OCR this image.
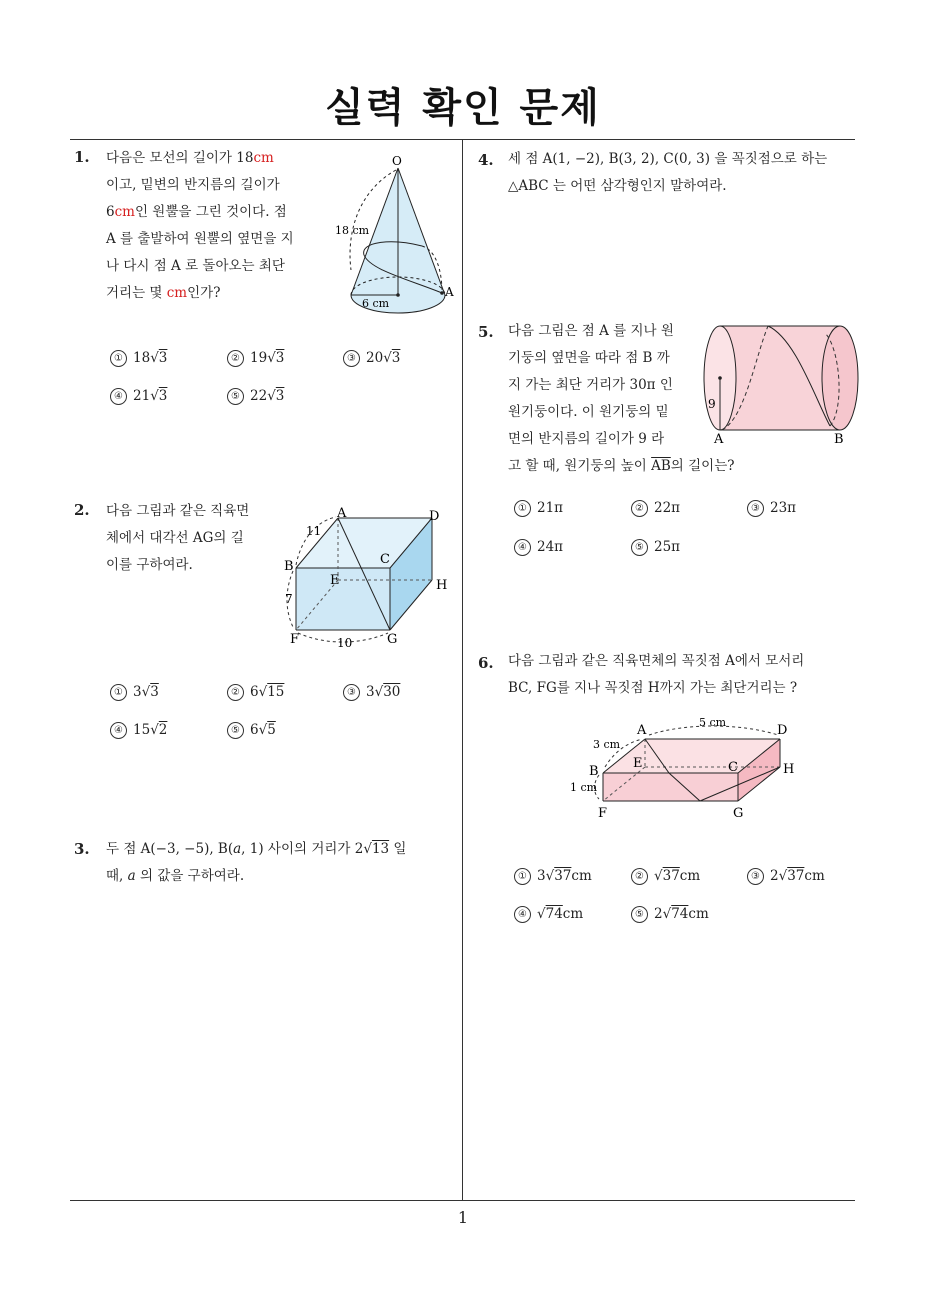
실력 확인 문제
1
1. 다음은 모선의 길이가 18cm
이고, 밑변의 반지름의 길이가
6cm인 원뿔을 그린 것이다. 점
A 를 출발하여 원뿔의 옆면을 지
나 다시 점 A 로 돌아오는 최단
거리는 몇 cm인가?
O
18 cm
6 cm
A
① 18√3	② 19√3	③ 20√3
④ 21√3	⑤ 22√3
2. 다음 그림과 같은 직육면
체에서 대각선 AG의 길
이를 구하여라.
A
B	C
D
E
F	G
H
11
7
10
① 3√3	② 6√15	③ 3√30
④ 15√2	⑤ 6√5
3. 두 점 A(−3, −5), B(a, 1) 사이의 거리가 2√13 일
때, a 의 값을 구하여라.
4. 세 점 A(1, −2), B(3, 2), C(0, 3) 을 꼭짓점으로 하는
△ABC 는 어떤 삼각형인지 말하여라.
5. 다음 그림은 점 A 를 지나 원
기둥의 옆면을 따라 점 B 까
지 가는 최단 거리가 30π 인
원기둥이다. 이 원기둥의 밑
면의 반지름의 길이가 9 라
고 할 때, 원기둥의 높이 $\overline{AB}$의 길이는?
9
A	B
① 21π	② 22π	③ 23π
④ 24π	⑤ 25π
6. 다음 그림과 같은 직육면체의 꼭짓점 A에서 모서리
BC, FG를 지나 꼭짓점 H까지 가는 최단거리는 ?
A
B	C
D
E
F	G
H
5 cm
3 cm
1 cm
① 3√37cm	② √37cm	③ 2√37cm
④ √74cm	⑤ 2√74cm
